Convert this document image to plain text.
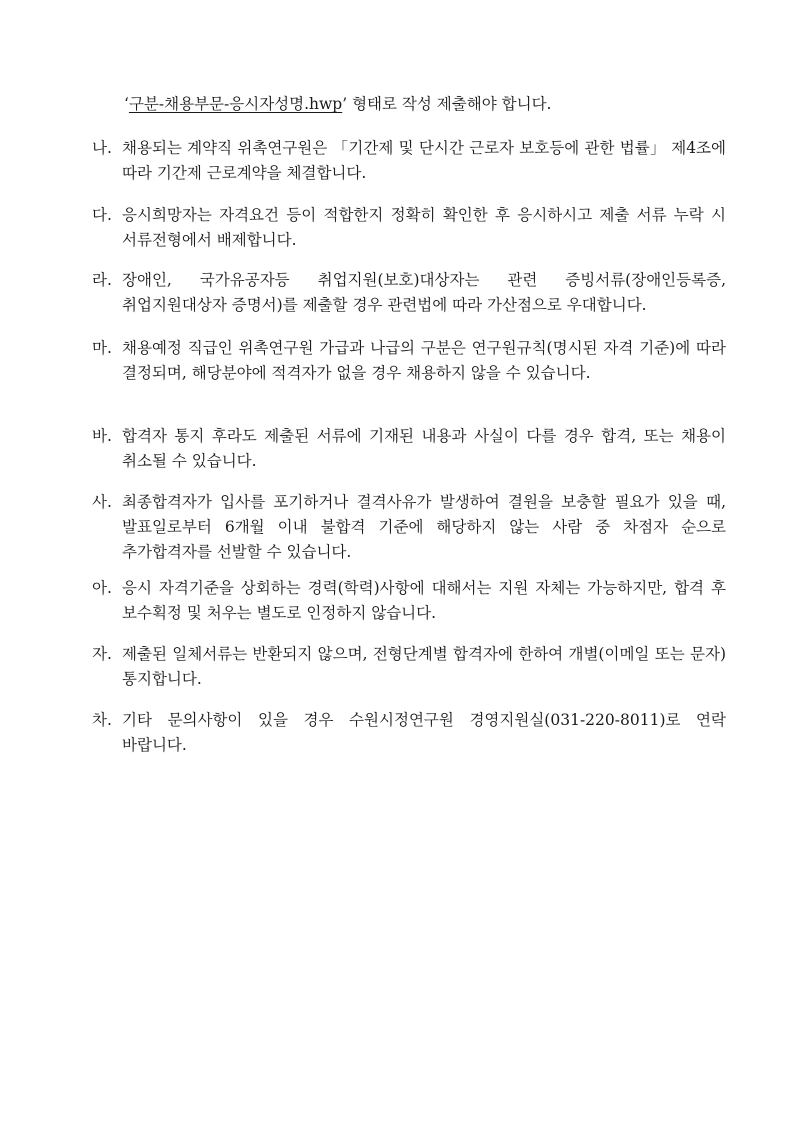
‘구분-채용부문-응시자성명.hwp’ 형태로 작성 제출해야 합니다.
나. 채용되는 계약직 위촉연구원은 「기간제 및 단시간 근로자 보호등에 관한 법률」 제4조에 따라 기간제 근로계약을 체결합니다.
다. 응시희망자는 자격요건 등이 적합한지 정확히 확인한 후 응시하시고 제출 서류 누락 시 서류전형에서 배제합니다.
라. 장애인, 국가유공자등 취업지원(보호)대상자는 관련 증빙서류(장애인등록증, 취업지원대상자 증명서)를 제출할 경우 관련법에 따라 가산점으로 우대합니다.
마. 채용예정 직급인 위촉연구원 가급과 나급의 구분은 연구원규칙(명시된 자격 기준)에 따라 결정되며, 해당분야에 적격자가 없을 경우 채용하지 않을 수 있습니다.
바. 합격자 통지 후라도 제출된 서류에 기재된 내용과 사실이 다를 경우 합격, 또는 채용이 취소될 수 있습니다.
사. 최종합격자가 입사를 포기하거나 결격사유가 발생하여 결원을 보충할 필요가 있을 때, 발표일로부터 6개월 이내 불합격 기준에 해당하지 않는 사람 중 차점자 순으로 추가합격자를 선발할 수 있습니다.
아. 응시 자격기준을 상회하는 경력(학력)사항에 대해서는 지원 자체는 가능하지만, 합격 후 보수획정 및 처우는 별도로 인정하지 않습니다.
자. 제출된 일체서류는 반환되지 않으며, 전형단계별 합격자에 한하여 개별(이메일 또는 문자) 통지합니다.
차. 기타 문의사항이 있을 경우 수원시정연구원 경영지원실(031-220-8011)로 연락 바랍니다.
